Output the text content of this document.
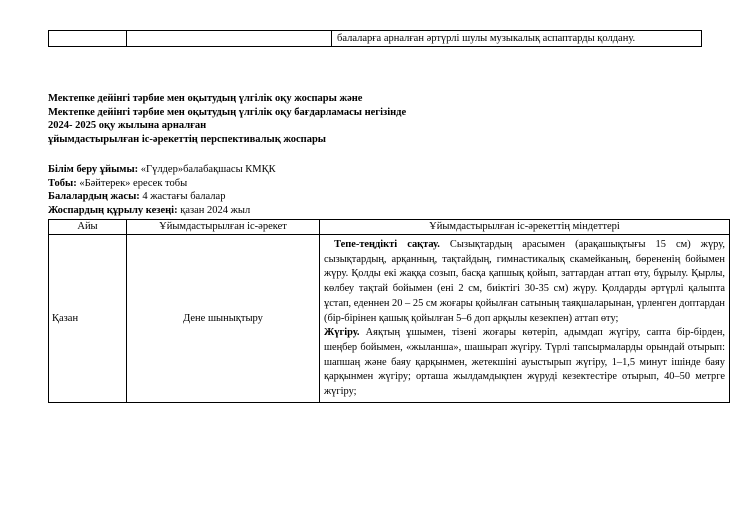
		балаларға арналған әртүрлі шулы музыкалық аспаптарды қолдану.
Мектепке дейінгі тәрбие мен оқытудың үлгілік оқу жоспары және
Мектепке дейінгі тәрбие мен оқытудың үлгілік оқу бағдарламасы негізінде
2024- 2025 оқу жылына арналған
ұйымдастырылған іс-әрекеттің перспективалық жоспары
Білім беру ұйымы: «Гүлдер»балабақшасы КМҚК
Тобы: «Бәйтерек» ересек тобы
Балалардың жасы: 4 жастағы балалар
Жоспардың құрылу кезеңі: қазан 2024 жыл
Айы	Ұйымдастырылған іс-әрекет	Ұйымдастырылған іс-әрекеттің міндеттері
Қазан	Дене шынықтыру	Тепе-теңдікті сақтау. Сызықтардың арасымен (арақашықтығы 15 см) жүру, сызықтардың, арқанның, тақтайдың, гимнастикалық скамейканың, бөрененің бойымен жүру. Қолды екі жаққа созып, басқа қапшық қойып, заттардан аттап өту, бұрылу. Қырлы, көлбеу тақтай бойымен (ені 2 см, биіктігі 30-35 см) жүру. Қолдарды әртүрлі қалыпта ұстап, еденнен 20 – 25 см жоғары қойылған сатының таяқшаларынан, үрленген доптардан (бір-бірінен қашық қойылған 5–6 доп арқылы кезекпен) аттап өту;

Жүгіру. Аяқтың ұшымен, тізені жоғары көтеріп, адымдап жүгіру, сапта бір-бірден, шеңбер бойымен, «жыланша», шашырап жүгіру. Түрлі тапсырмаларды орындай отырып: шапшаң және баяу қарқынмен, жетекшіні ауыстырып жүгіру, 1–1,5 минут ішінде баяу қарқынмен жүгіру; орташа жылдамдықпен жүруді кезектестіре отырып, 40–50 метрге жүгіру;
